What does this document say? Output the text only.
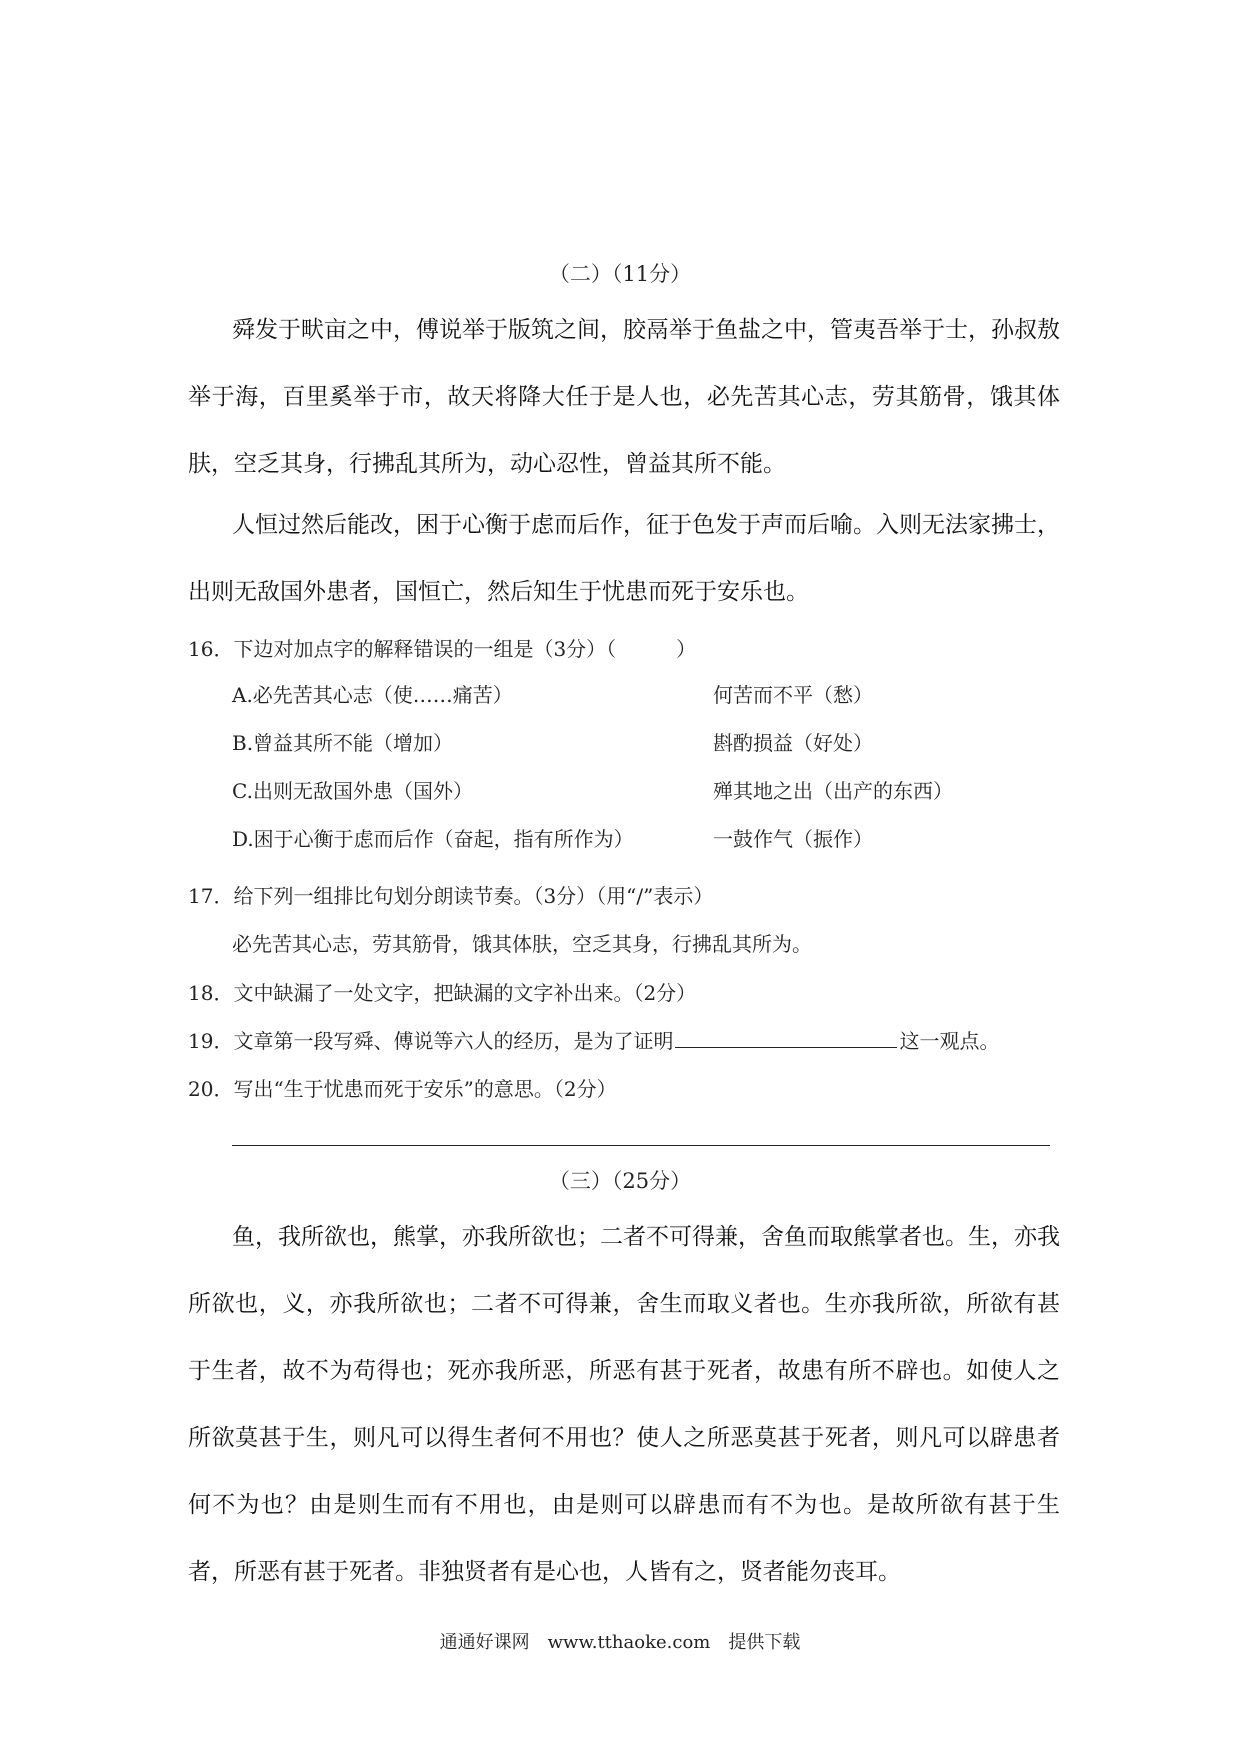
（二）（11分）

舜发于畎亩之中，傅说举于版筑之间，胶鬲举于鱼盐之中，管夷吾举于士，孙叔敖举于海，百里奚举于市，故天将降大任于是人也，必先苦其心志，劳其筋骨，饿其体肤，空乏其身，行拂乱其所为，动心忍性，曾益其所不能。

人恒过然后能改，困于心衡于虑而后作，征于色发于声而后喻。入则无法家拂士，出则无敌国外患者，国恒亡，然后知生于忧患而死于安乐也。

16．下边对加点字的解释错误的一组是（3分）（　　　）
A.必先苦其心志（使……痛苦）	何苦而不平（愁）
B.曾益其所不能（增加）	斟酌损益（好处）
C.出则无敌国外患（国外）	殚其地之出（出产的东西）
D.困于心衡于虑而后作（奋起，指有所作为）	一鼓作气（振作）
17．给下列一组排比句划分朗读节奏。（3分）（用“/”表示）
必先苦其心志，劳其筋骨，饿其体肤，空乏其身，行拂乱其所为。
18．文中缺漏了一处文字，把缺漏的文字补出来。（2分）
19．文章第一段写舜、傅说等六人的经历，是为了证明	这一观点。
20．写出“生于忧患而死于安乐”的意思。（2分）
（三）（25分）

鱼，我所欲也，熊掌，亦我所欲也；二者不可得兼，舍鱼而取熊掌者也。生，亦我所欲也，义，亦我所欲也；二者不可得兼，舍生而取义者也。生亦我所欲，所欲有甚于生者，故不为苟得也；死亦我所恶，所恶有甚于死者，故患有所不辟也。如使人之所欲莫甚于生，则凡可以得生者何不用也？使人之所恶莫甚于死者，则凡可以辟患者何不为也？由是则生而有不用也，由是则可以辟患而有不为也。是故所欲有甚于生者，所恶有甚于死者。非独贤者有是心也，人皆有之，贤者能勿丧耳。

通通好课网　www.tthaoke.com　提供下载
